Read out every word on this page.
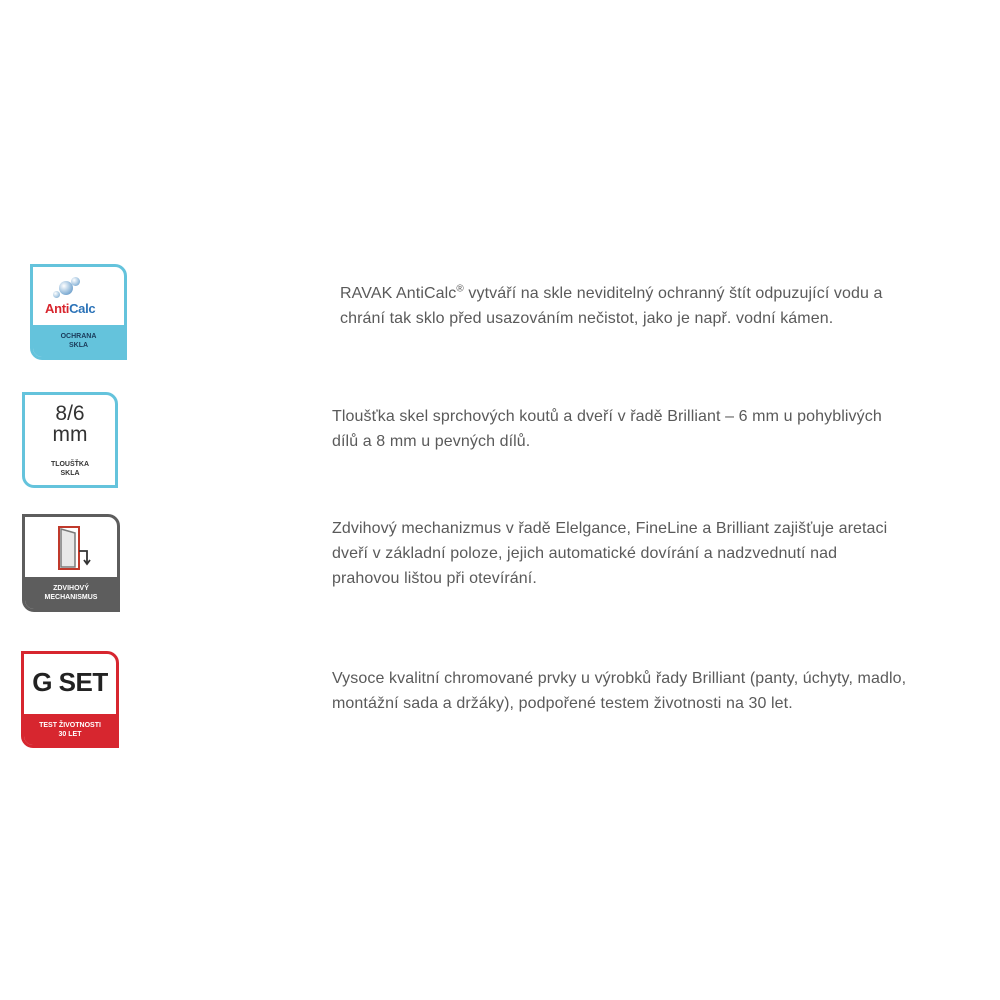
AntiCalc
OCHRANA
SKLA

RAVAK AntiCalc® vytváří na skle neviditelný ochranný štít odpuzující vodu a

chrání tak sklo před usazováním nečistot, jako je např. vodní kámen.

8/6
mm
TLOUŠŤKA
SKLA

Tloušťka skel sprchových koutů a dveří v řadě Brilliant – 6 mm u pohyblivých

dílů a 8 mm u pevných dílů.

ZDVIHOVÝ
MECHANISMUS

Zdvihový mechanizmus v řadě Elelgance, FineLine a Brilliant zajišťuje aretaci

dveří v základní poloze, jejich automatické dovírání a nadzvednutí nad

prahovou lištou při otevírání.

G SET
TEST ŽIVOTNOSTI
30 LET

Vysoce kvalitní chromované prvky u výrobků řady Brilliant (panty, úchyty, madlo,

montážní sada a držáky), podpořené testem životnosti na 30 let.
